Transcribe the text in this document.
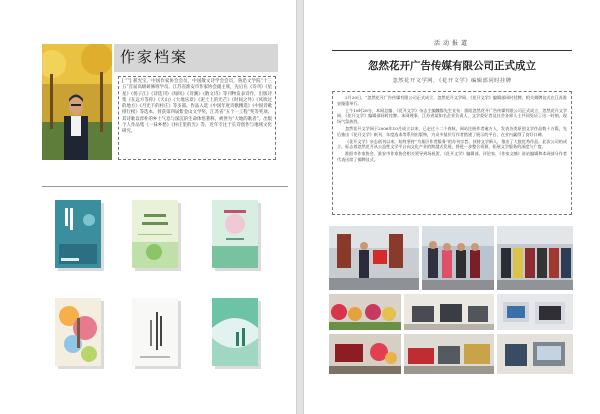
作家档案
[ “”] 郝光宝，中国作家协会会员，中国散文诗学会会员，鲁迅文学院“十三五”首届高级研修班学员。江苏省淮安市作家协会副主席，先后在《诗刊》《星星》《扬子江》《诗选刊》《绿风》《诗潮》《散文诗》等刊物发表诗作，出版诗集《在远方等你》《天山》《大地乐章》《泥土上的光芒》《时间之外》《风吹过的地方》《月光下的村庄》等多部。作品入选《中国年度诗歌精选》《中国诗歌排行榜》等选本，曾获第四届紫金山文学奖、江苏省“五个一工程”奖等奖项。其诗歌以淳朴的乡土气息与深沉的生命体悟著称，被誉为“大地的歌者”。出版个人作品集《一抹乡愁》《村庄里的光》等，近年专注于长诗创作与地域文化研究。
活动报道
忽然花开广告传媒有限公司正式成立
忽然花开文学网、《花开文学》编辑部同时挂牌

2月20日，“忽然花开广告传媒有限公司正式成立，忽然花开文学网、《花开文学》编辑部同时挂牌，相关揭牌仪式在江苏淮安隆重举行。

上午10时28分，本网总编、《花开文学》杂志主编魏都先生宣布：淮阳忽然花开广告传媒有限公司正式成立，忽然花开文学网、《花开文学》编辑部同时挂牌。本网理事、江苏省某知名企业负责人、文学爱好者及社会各界人士共同见证了这一时刻，现场气氛热烈。

忽然花开文学网于2006年10月成立以来，已走过十二个春秋，网站注册作者逾万人，发表各类原创文学作品数十万篇，先后推出《花开文学》纸刊、年度选本等系列出版物，为众多基层写作者搭建了展示的平台，在业内赢得了良好口碑。

《花开文学》杂志创刊以来，始终坚持“为基层作者服务”的办刊宗旨，扶持文学新人，推出了大批优秀作品。此次公司的成立，标志着忽然花开从公益性文学平台向文化产业的跨越式发展，将进一步整合资源，拓展文学服务的深度与广度。

淮阳市作家协会、淮安市作家协会相关领导到场祝贺，《花开文学》编辑部、评论家、《作家文摘》驻站编辑和本网部分作者代表出席了揭牌仪式。
